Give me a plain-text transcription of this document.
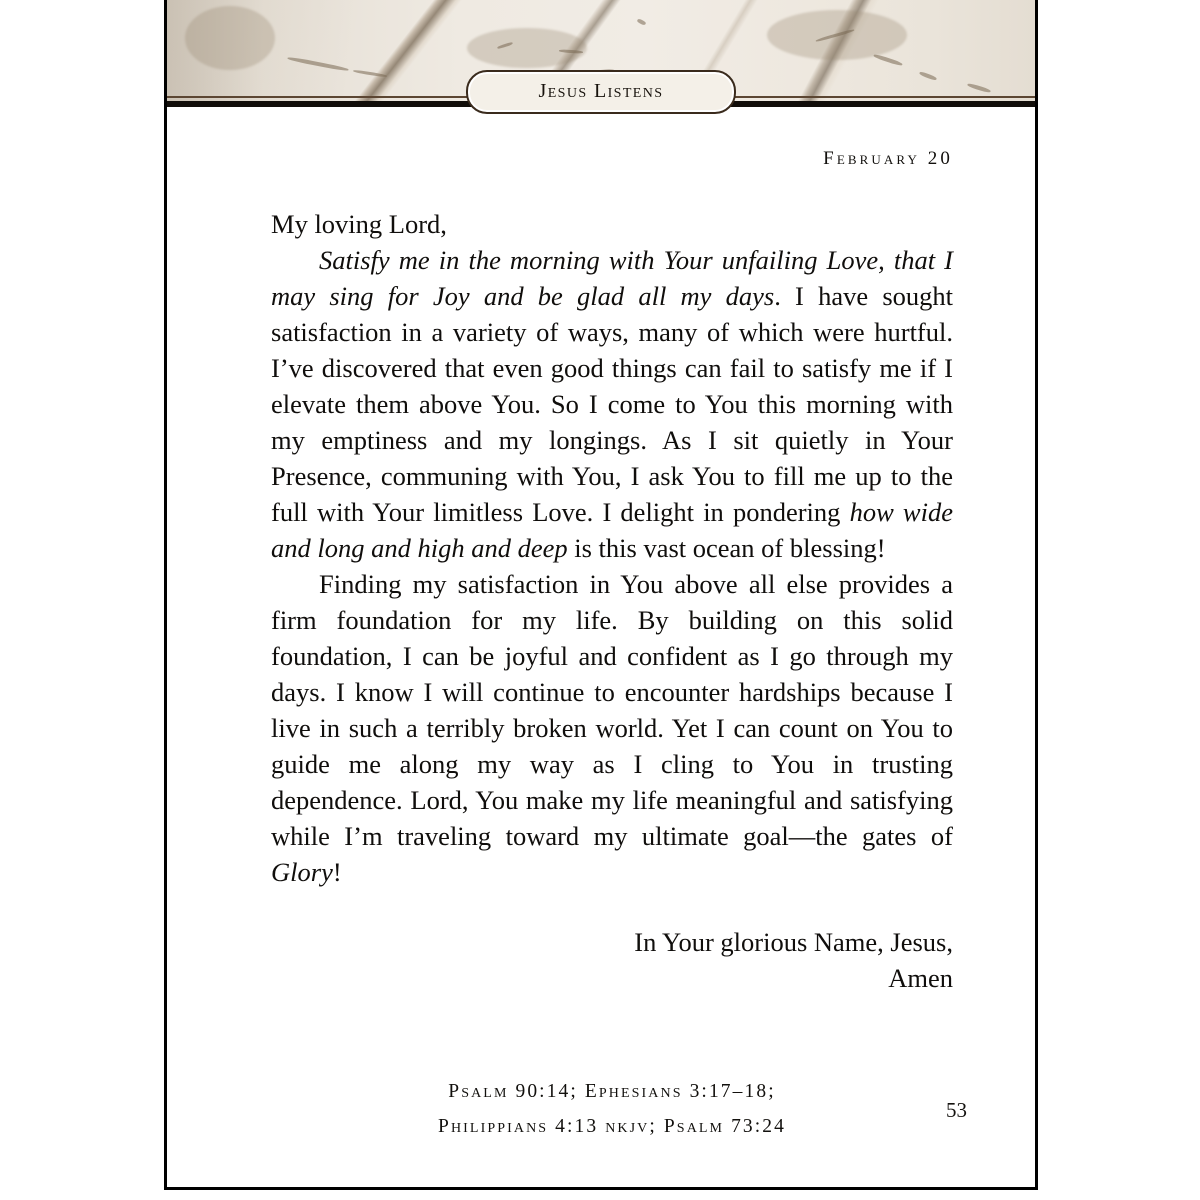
Jesus Listens
February 20

My loving Lord,

Satisfy me in the morning with Your unfailing Love, that I may sing for Joy and be glad all my days. I have sought satisfaction in a variety of ways, many of which were hurtful. I’ve discovered that even good things can fail to satisfy me if I elevate them above You. So I come to You this morning with my emptiness and my longings. As I sit quietly in Your Presence, communing with You, I ask You to fill me up to the full with Your limitless Love. I delight in pondering how wide and long and high and deep is this vast ocean of blessing!

Finding my satisfaction in You above all else provides a firm foundation for my life. By building on this solid foundation, I can be joyful and confident as I go through my days. I know I will continue to encounter hardships because I live in such a terribly broken world. Yet I can count on You to guide me along my way as I cling to You in trusting dependence. Lord, You make my life meaningful and satisfying while I’m traveling toward my ultimate goal—the gates of Glory!

In Your glorious Name, Jesus,
Amen
Psalm 90:14; Ephesians 3:17–18;
Philippians 4:13 nkjv; Psalm 73:24
53
